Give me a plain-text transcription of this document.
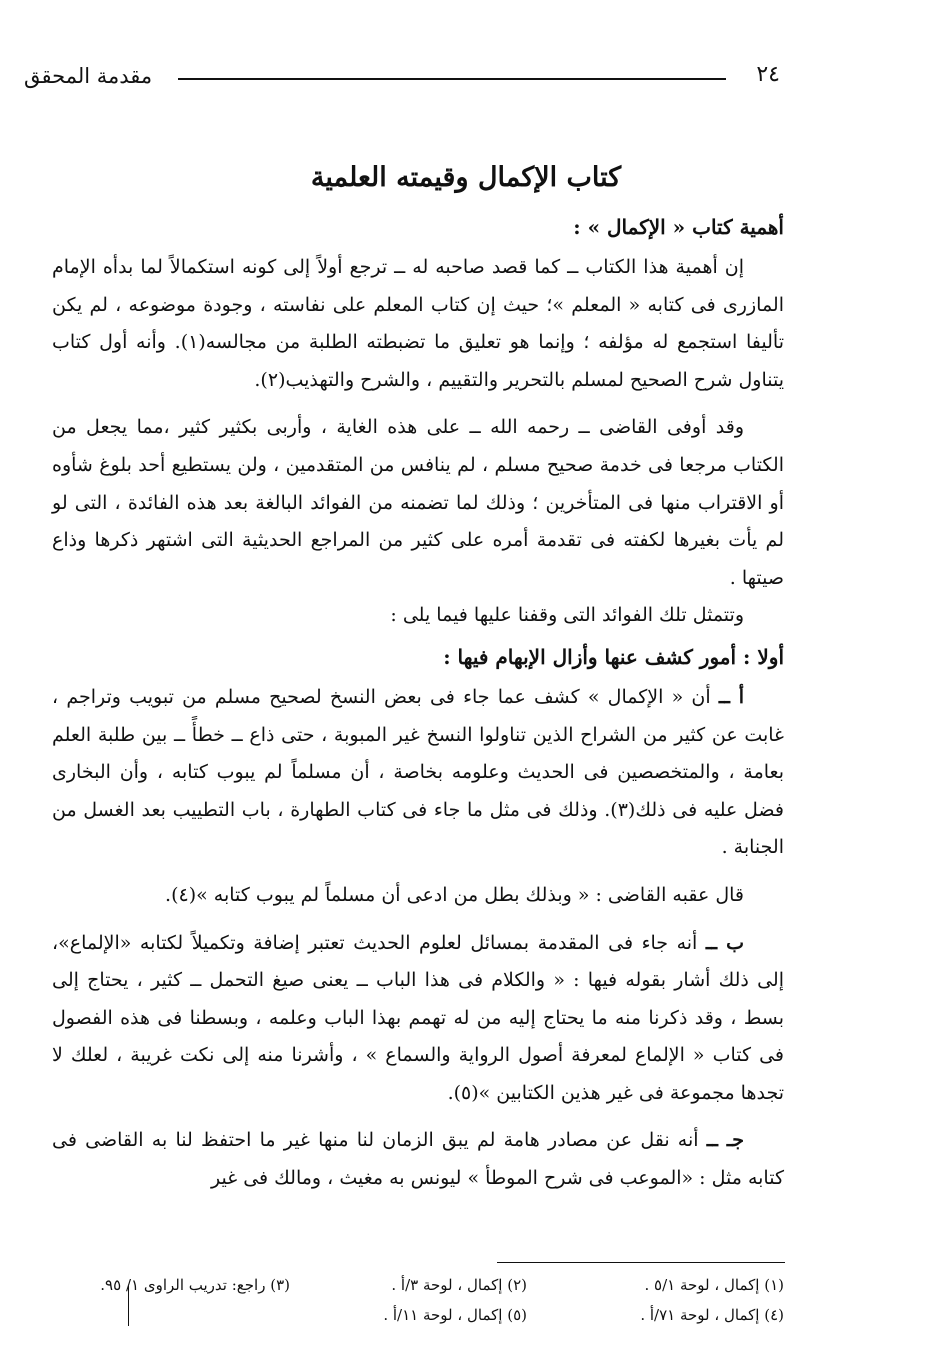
٢٤
مقدمة المحقق
كتاب الإكمال وقيمته العلمية

أهمية كتاب « الإكمال » :

إن أهمية هذا الكتاب ــ كما قصد صاحبه له ــ ترجع أولاً إلى كونه استكمالاً لما بدأه الإمام المازرى فى كتابه « المعلم »؛ حيث إن كتاب المعلم على نفاسته ، وجودة موضوعه ، لم يكن تأليفا استجمع له مؤلفه ؛ وإنما هو تعليق ما تضبطته الطلبة من مجالسه(١). وأنه أول كتاب يتناول شرح الصحيح لمسلم بالتحرير والتقييم ، والشرح والتهذيب(٢).

وقد أوفى القاضى ــ رحمه الله ــ على هذه الغاية ، وأربى بكثير كثير ،مما يجعل من الكتاب مرجعا فى خدمة صحيح مسلم ، لم ينافس من المتقدمين ، ولن يستطيع أحد بلوغ شأوه أو الاقتراب منها فى المتأخرين ؛ وذلك لما تضمنه من الفوائد البالغة بعد هذه الفائدة ، التى لو لم يأت بغيرها لكفته فى تقدمة أمره على كثير من المراجع الحديثية التى اشتهر ذكرها وذاع صيتها .

وتتمثل تلك الفوائد التى وقفنا عليها فيما يلى :

أولا : أمور كشف عنها وأزال الإبهام فيها :

أ ــ أن « الإكمال » كشف عما جاء فى بعض النسخ لصحيح مسلم من تبويب وتراجم ، غابت عن كثير من الشراح الذين تناولوا النسخ غير المبوبة ، حتى ذاع ــ خطأً ــ بين طلبة العلم بعامة ، والمتخصصين فى الحديث وعلومه بخاصة ، أن مسلماً لم يبوب كتابه ، وأن البخارى فضل عليه فى ذلك(٣). وذلك فى مثل ما جاء فى كتاب الطهارة ، باب التطييب بعد الغسل من الجنابة .

قال عقبه القاضى : « وبذلك بطل من ادعى أن مسلماً لم يبوب كتابه »(٤).

ب ــ أنه جاء فى المقدمة بمسائل لعلوم الحديث تعتبر إضافة وتكميلاً لكتابه «الإلماع»، إلى ذلك أشار بقوله فيها : « والكلام فى هذا الباب ــ يعنى صيغ التحمل ــ كثير ، يحتاج إلى بسط ، وقد ذكرنا منه ما يحتاج إليه من له تهمم بهذا الباب وعلمه ، وبسطنا فى هذه الفصول فى كتاب « الإلماع لمعرفة أصول الرواية والسماع » ، وأشرنا منه إلى نكت غريبة ، لعلك لا تجدها مجموعة فى غير هذين الكتابين »(٥).

جـ ــ أنه نقل عن مصادر هامة لم يبق الزمان لنا منها غير ما احتفظ لنا به القاضى فى كتابه مثل : «الموعب فى شرح الموطأ » ليونس به مغيث ، ومالك فى غير

(١) إكمال ، لوحة ٥/١ .
(٢) إكمال ، لوحة ٣/أ .
(٣) راجع: تدريب الراوى ١/ ٩٥.
(٤) إكمال ، لوحة ٧١/أ .
(٥) إكمال ، لوحة ١١/أ .
